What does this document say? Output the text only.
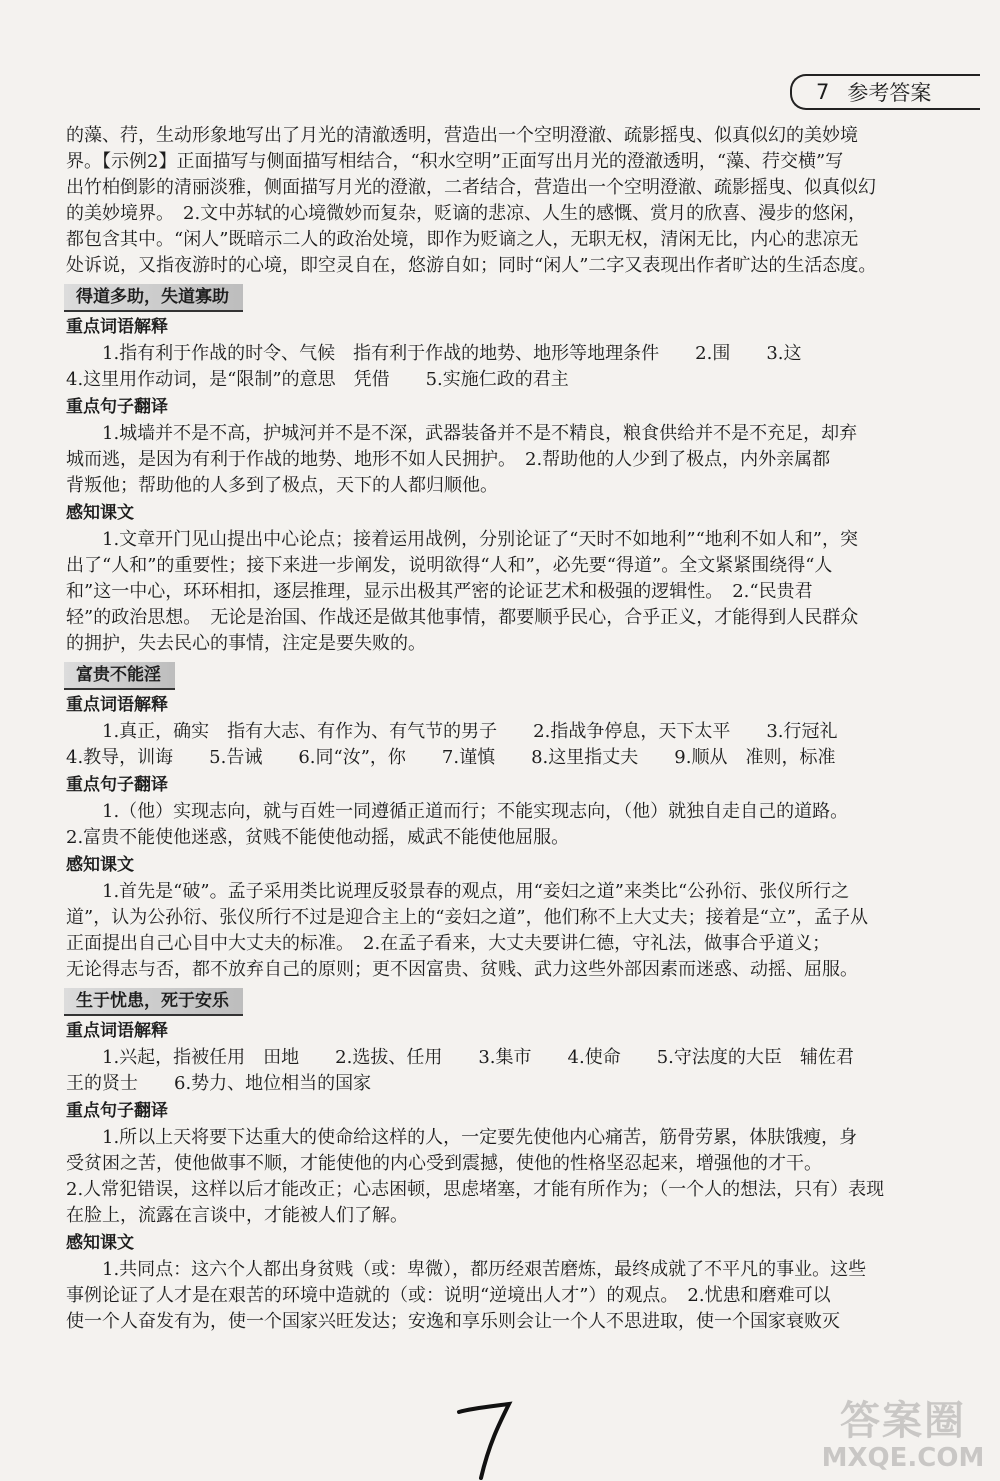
7 参考答案

的藻、荇，生动形象地写出了月光的清澈透明，营造出一个空明澄澈、疏影摇曳、似真似幻的美妙境

界。【示例2】正面描写与侧面描写相结合，“积水空明”正面写出月光的澄澈透明，“藻、荇交横”写

出竹柏倒影的清丽淡雅，侧面描写月光的澄澈，二者结合，营造出一个空明澄澈、疏影摇曳、似真似幻

的美妙境界。　2.文中苏轼的心境微妙而复杂，贬谪的悲凉、人生的感慨、赏月的欣喜、漫步的悠闲，

都包含其中。“闲人”既暗示二人的政治处境，即作为贬谪之人，无职无权，清闲无比，内心的悲凉无

处诉说，又指夜游时的心境，即空灵自在，悠游自如；同时“闲人”二字又表现出作者旷达的生活态度。

得道多助，失道寡助

重点词语解释

1.指有利于作战的时令、气候　指有利于作战的地势、地形等地理条件　　2.围　　3.这

4.这里用作动词，是“限制”的意思　凭借　　5.实施仁政的君主

重点句子翻译

1.城墙并不是不高，护城河并不是不深，武器装备并不是不精良，粮食供给并不是不充足，却弃

城而逃，是因为有利于作战的地势、地形不如人民拥护。　2.帮助他的人少到了极点，内外亲属都

背叛他；帮助他的人多到了极点，天下的人都归顺他。

感知课文

1.文章开门见山提出中心论点；接着运用战例，分别论证了“天时不如地利”“地利不如人和”，突

出了“人和”的重要性；接下来进一步阐发，说明欲得“人和”，必先要“得道”。全文紧紧围绕得“人

和”这一中心，环环相扣，逐层推理，显示出极其严密的论证艺术和极强的逻辑性。　2.“民贵君

轻”的政治思想。　无论是治国、作战还是做其他事情，都要顺乎民心，合乎正义，才能得到人民群众

的拥护，失去民心的事情，注定是要失败的。

富贵不能淫

重点词语解释

1.真正，确实　指有大志、有作为、有气节的男子　　2.指战争停息，天下太平　　3.行冠礼

4.教导，训诲　　5.告诫　　6.同“汝”，你　　7.谨慎　　8.这里指丈夫　　9.顺从　准则，标准

重点句子翻译

1.（他）实现志向，就与百姓一同遵循正道而行；不能实现志向，（他）就独自走自己的道路。

2.富贵不能使他迷惑，贫贱不能使他动摇，威武不能使他屈服。

感知课文

1.首先是“破”。孟子采用类比说理反驳景春的观点，用“妾妇之道”来类比“公孙衍、张仪所行之

道”，认为公孙衍、张仪所行不过是迎合主上的“妾妇之道”，他们称不上大丈夫；接着是“立”，孟子从

正面提出自己心目中大丈夫的标准。　2.在孟子看来，大丈夫要讲仁德，守礼法，做事合乎道义；

无论得志与否，都不放弃自己的原则；更不因富贵、贫贱、武力这些外部因素而迷惑、动摇、屈服。

生于忧患，死于安乐

重点词语解释

1.兴起，指被任用　田地　　2.选拔、任用　　3.集市　　4.使命　　5.守法度的大臣　辅佐君

王的贤士　　6.势力、地位相当的国家

重点句子翻译

1.所以上天将要下达重大的使命给这样的人，一定要先使他内心痛苦，筋骨劳累，体肤饿瘦，身

受贫困之苦，使他做事不顺，才能使他的内心受到震撼，使他的性格坚忍起来，增强他的才干。

2.人常犯错误，这样以后才能改正；心志困顿，思虑堵塞，才能有所作为；（一个人的想法，只有）表现

在脸上，流露在言谈中，才能被人们了解。

感知课文

1.共同点：这六个人都出身贫贱（或：卑微），都历经艰苦磨炼，最终成就了不平凡的事业。这些

事例论证了人才是在艰苦的环境中造就的（或：说明“逆境出人才”）的观点。　2.忧患和磨难可以

使一个人奋发有为，使一个国家兴旺发达；安逸和享乐则会让一个人不思进取，使一个国家衰败灭

答案圈
MXQE.COM
